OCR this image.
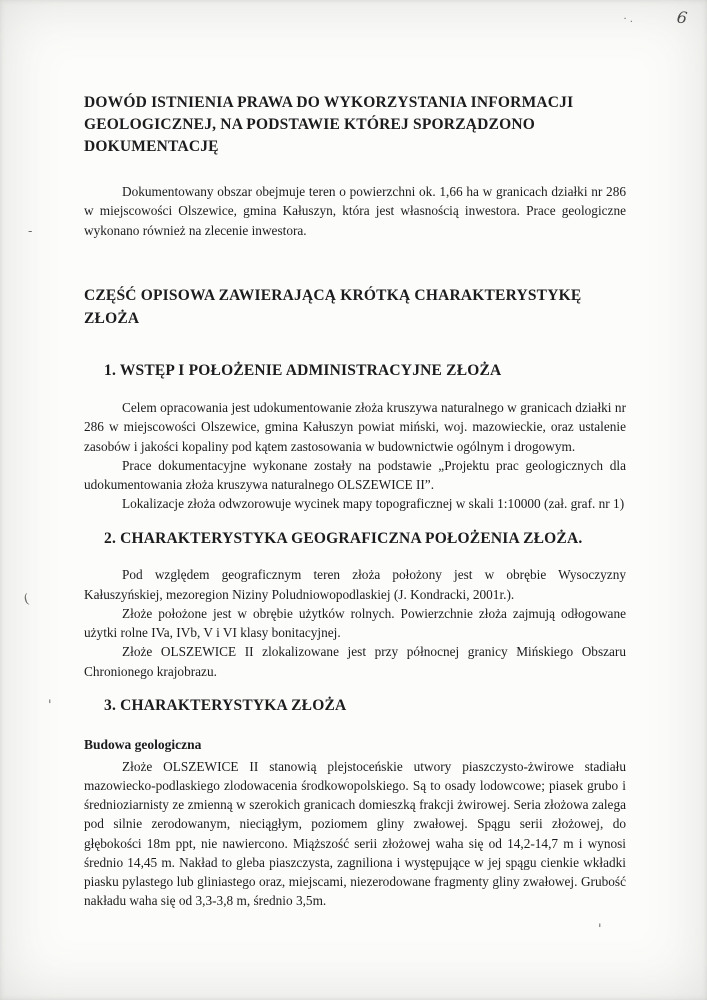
6
· .
-
(
'
'
DOWÓD ISTNIENIA PRAWA DO WYKORZYSTANIA INFORMACJI GEOLOGICZNEJ, NA PODSTAWIE KTÓREJ SPORZĄDZONO DOKUMENTACJĘ

Dokumentowany obszar obejmuje teren o powierzchni ok. 1,66 ha w granicach działki nr 286 w miejscowości Olszewice, gmina Kałuszyn, która jest własnością inwestora. Prace geologiczne wykonano również na zlecenie inwestora.

CZĘŚĆ OPISOWA ZAWIERAJĄCĄ KRÓTKĄ CHARAKTERYSTYKĘ ZŁOŻA
1. WSTĘP I POŁOŻENIE ADMINISTRACYJNE ZŁOŻA

Celem opracowania jest udokumentowanie złoża kruszywa naturalnego w granicach działki nr 286 w miejscowości Olszewice, gmina Kałuszyn powiat miński, woj. mazowieckie, oraz ustalenie zasobów i jakości kopaliny pod kątem zastosowania w budownictwie ogólnym i drogowym.

Prace dokumentacyjne wykonane zostały na podstawie „Projektu prac geologicznych dla udokumentowania złoża kruszywa naturalnego OLSZEWICE II”.

Lokalizacje złoża odwzorowuje wycinek mapy topograficznej w skali 1:10000 (zał. graf. nr 1)

2. CHARAKTERYSTYKA GEOGRAFICZNA POŁOŻENIA ZŁOŻA.

Pod względem geograficznym teren złoża położony jest w obrębie Wysoczyzny Kałuszyńskiej, mezoregion Niziny Poludniowopodlaskiej (J. Kondracki, 2001r.).

Złoże położone jest w obrębie użytków rolnych. Powierzchnie złoża zajmują odłogowane użytki rolne IVa, IVb, V i VI klasy bonitacyjnej.

Złoże OLSZEWICE II zlokalizowane jest przy północnej granicy Mińskiego Obszaru Chronionego krajobrazu.

3. CHARAKTERYSTYKA ZŁOŻA
Budowa geologiczna

Złoże OLSZEWICE II stanowią plejstoceńskie utwory piaszczysto-żwirowe stadiału mazowiecko-podlaskiego zlodowacenia środkowopolskiego. Są to osady lodowcowe; piasek grubo i średnioziarnisty ze zmienną w szerokich granicach domieszką frakcji żwirowej. Seria złożowa zalega pod silnie zerodowanym, nieciągłym, poziomem gliny zwałowej. Spągu serii złożowej, do głębokości 18m ppt, nie nawiercono. Miąższość serii złożowej waha się od 14,2-14,7 m i wynosi średnio 14,45 m. Nakład to gleba piaszczysta, zagniliona i występujące w jej spągu cienkie wkładki piasku pylastego lub gliniastego oraz, miejscami, niezerodowane fragmenty gliny zwałowej. Grubość nakładu waha się od 3,3-3,8 m, średnio 3,5m.
